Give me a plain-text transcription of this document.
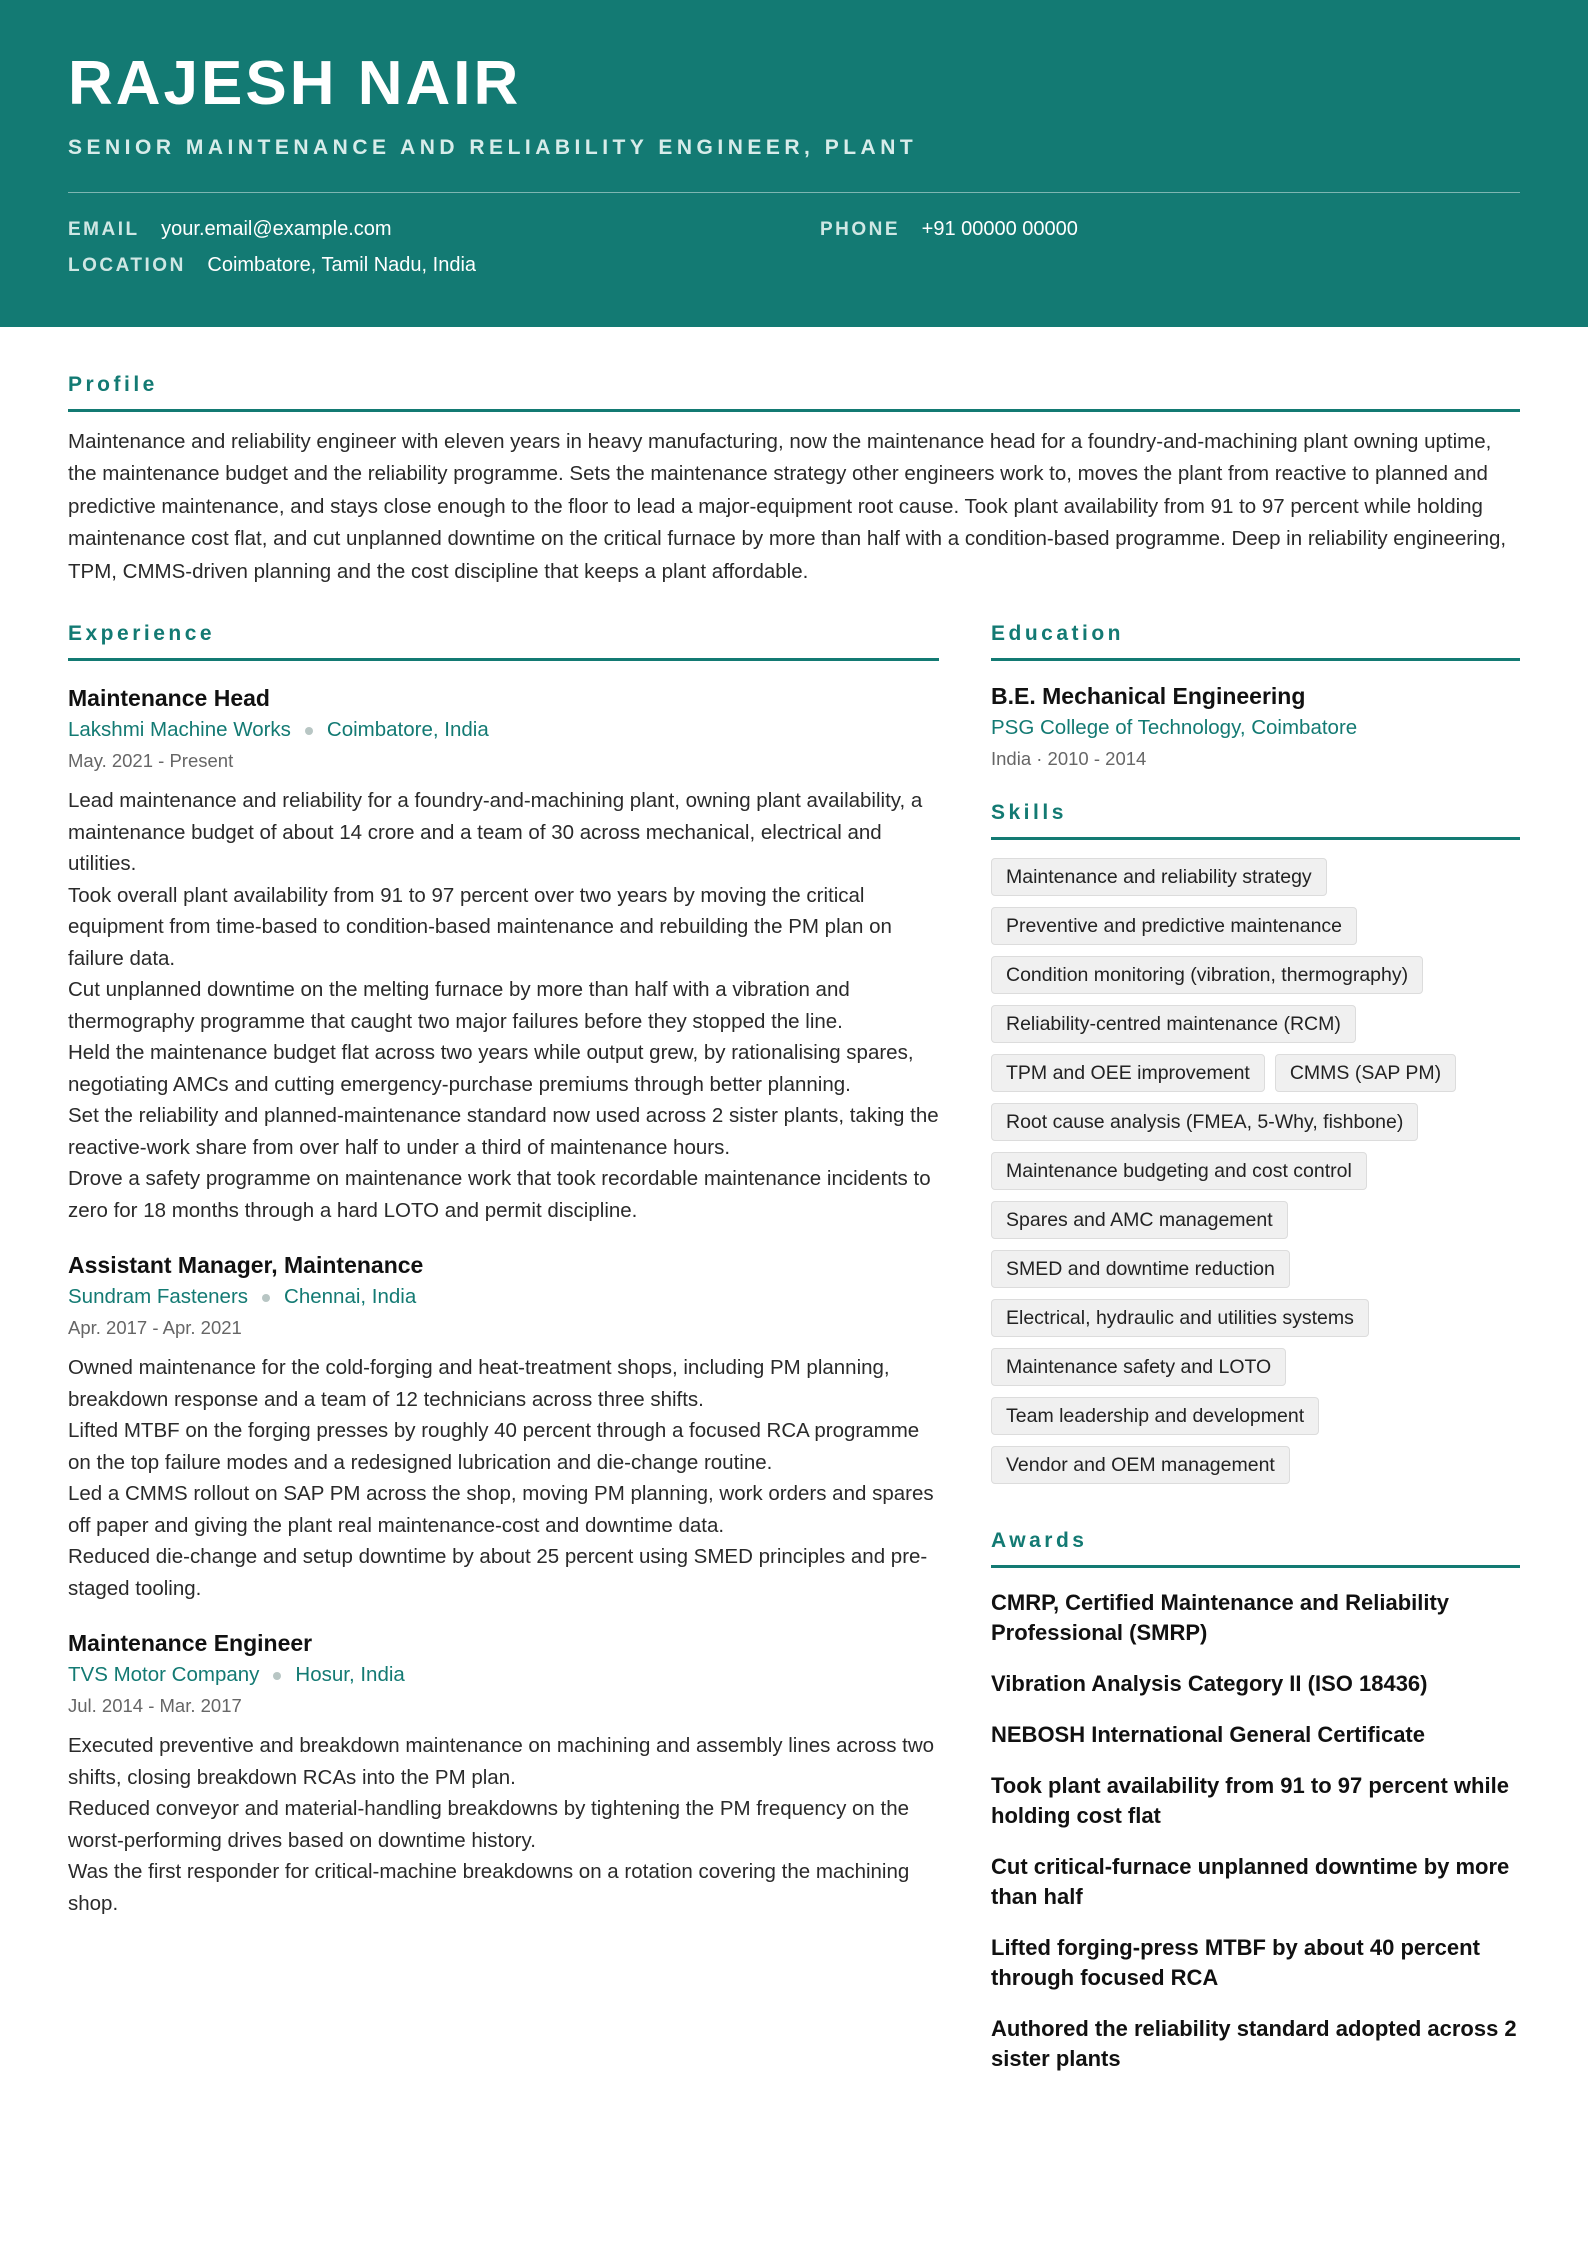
RAJESH NAIR
SENIOR MAINTENANCE AND RELIABILITY ENGINEER, PLANT
EMAIL your.email@example.com	PHONE +91 00000 00000
LOCATION Coimbatore, Tamil Nadu, India
Profile

Maintenance and reliability engineer with eleven years in heavy manufacturing, now the maintenance head for a foundry-and-machining plant owning uptime, the maintenance budget and the reliability programme. Sets the maintenance strategy other engineers work to, moves the plant from reactive to planned and predictive maintenance, and stays close enough to the floor to lead a major-equipment root cause. Took plant availability from 91 to 97 percent while holding maintenance cost flat, and cut unplanned downtime on the critical furnace by more than half with a condition-based programme. Deep in reliability engineering, TPM, CMMS-driven planning and the cost discipline that keeps a plant affordable.

Experience
Maintenance Head
Lakshmi Machine Works Coimbatore, India
May. 2021 - Present
Lead maintenance and reliability for a foundry-and-machining plant, owning plant availability, a maintenance budget of about 14 crore and a team of 30 across mechanical, electrical and utilities.
Took overall plant availability from 91 to 97 percent over two years by moving the critical equipment from time-based to condition-based maintenance and rebuilding the PM plan on failure data.
Cut unplanned downtime on the melting furnace by more than half with a vibration and thermography programme that caught two major failures before they stopped the line.
Held the maintenance budget flat across two years while output grew, by rationalising spares, negotiating AMCs and cutting emergency-purchase premiums through better planning.
Set the reliability and planned-maintenance standard now used across 2 sister plants, taking the reactive-work share from over half to under a third of maintenance hours.
Drove a safety programme on maintenance work that took recordable maintenance incidents to zero for 18 months through a hard LOTO and permit discipline.
Assistant Manager, Maintenance
Sundram Fasteners Chennai, India
Apr. 2017 - Apr. 2021
Owned maintenance for the cold-forging and heat-treatment shops, including PM planning, breakdown response and a team of 12 technicians across three shifts.
Lifted MTBF on the forging presses by roughly 40 percent through a focused RCA programme on the top failure modes and a redesigned lubrication and die-change routine.
Led a CMMS rollout on SAP PM across the shop, moving PM planning, work orders and spares off paper and giving the plant real maintenance-cost and downtime data.
Reduced die-change and setup downtime by about 25 percent using SMED principles and pre-staged tooling.
Maintenance Engineer
TVS Motor Company Hosur, India
Jul. 2014 - Mar. 2017
Executed preventive and breakdown maintenance on machining and assembly lines across two shifts, closing breakdown RCAs into the PM plan.
Reduced conveyor and material-handling breakdowns by tightening the PM frequency on the worst-performing drives based on downtime history.
Was the first responder for critical-machine breakdowns on a rotation covering the machining shop.
Education
B.E. Mechanical Engineering
PSG College of Technology, Coimbatore
India · 2010 - 2014
Skills
Maintenance and reliability strategy
Preventive and predictive maintenance
Condition monitoring (vibration, thermography)
Reliability-centred maintenance (RCM)
TPM and OEE improvement CMMS (SAP PM)
Root cause analysis (FMEA, 5-Why, fishbone)
Maintenance budgeting and cost control
Spares and AMC management
SMED and downtime reduction
Electrical, hydraulic and utilities systems
Maintenance safety and LOTO
Team leadership and development
Vendor and OEM management
Awards
CMRP, Certified Maintenance and Reliability Professional (SMRP)
Vibration Analysis Category II (ISO 18436)
NEBOSH International General Certificate
Took plant availability from 91 to 97 percent while holding cost flat
Cut critical-furnace unplanned downtime by more than half
Lifted forging-press MTBF by about 40 percent through focused RCA
Authored the reliability standard adopted across 2 sister plants
